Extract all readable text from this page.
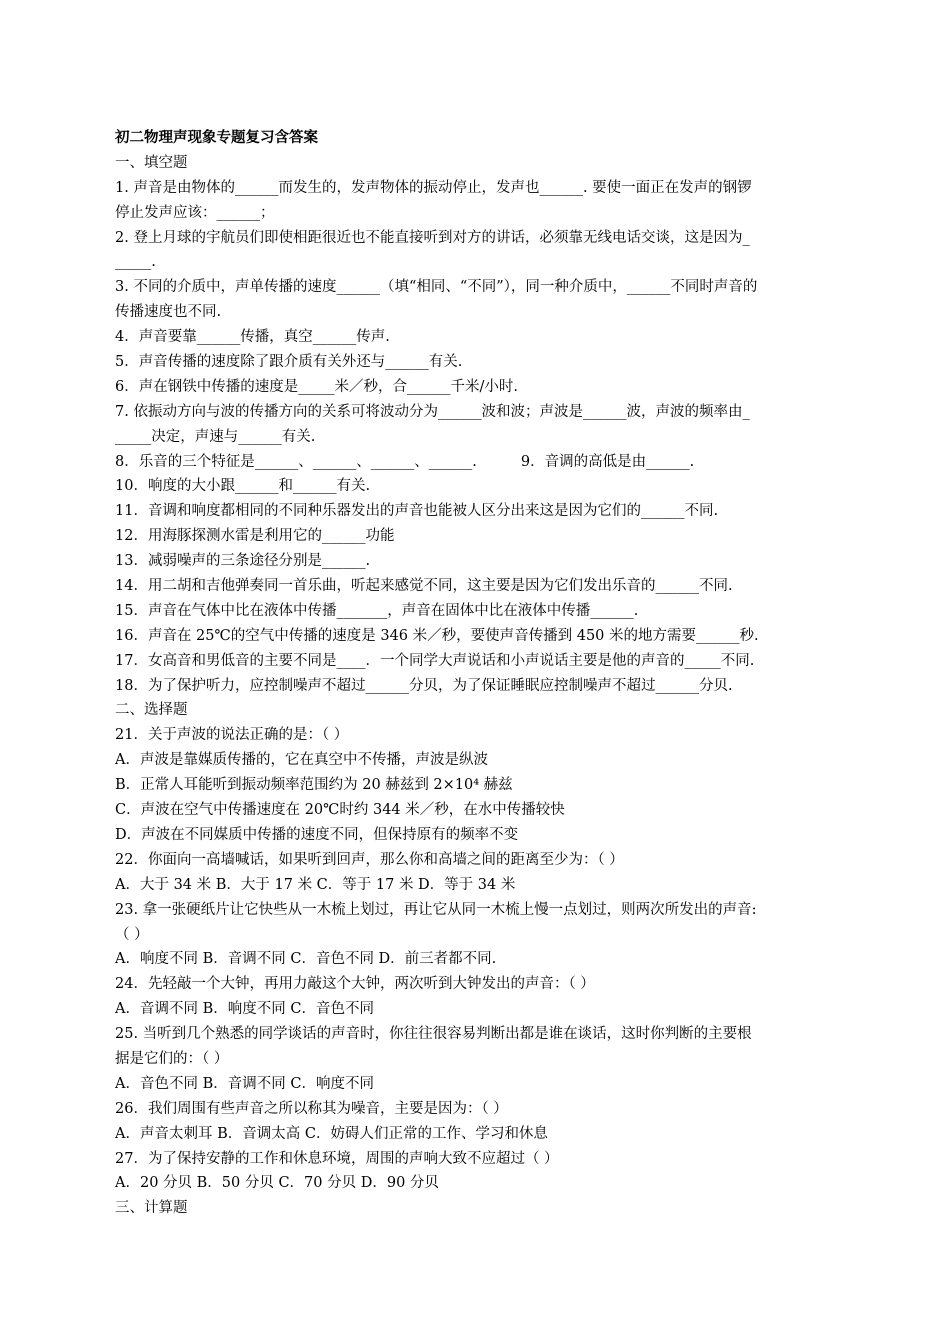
初二物理声现象专题复习含答案
一、填空题
1. 声音是由物体的______而发生的，发声物体的振动停止，发声也______. 要使一面正在发声的钢锣
停止发声应该：______；
2. 登上月球的宇航员们即使相距很近也不能直接听到对方的讲话，必须靠无线电话交谈，这是因为_
_____.
3. 不同的介质中，声单传播的速度______（填“相同、“不同”），同一种介质中，______不同时声音的
传播速度也不同.
4．声音要靠______传播，真空______传声.
5．声音传播的速度除了跟介质有关外还与______有关.
6．声在钢铁中传播的速度是_____米／秒，合______千米/小时.
7. 依振动方向与波的传播方向的关系可将波动分为______波和波；声波是______波，声波的频率由_
_____决定，声速与______有关.
8．乐音的三个特征是______、______、______、______.	9．音调的高低是由______.
10．响度的大小跟______和______有关.
11．音调和响度都相同的不同种乐器发出的声音也能被人区分出来这是因为它们的______不同.
12．用海豚探测水雷是利用它的______功能
13．减弱噪声的三条途径分别是______.
14．用二胡和吉他弹奏同一首乐曲，听起来感觉不同，这主要是因为它们发出乐音的______不同.
15．声音在气体中比在液体中传播_______，声音在固体中比在液体中传播______.
16．声音在 25℃的空气中传播的速度是 346 米／秒，要使声音传播到 450 米的地方需要______秒.
17．女高音和男低音的主要不同是____．一个同学大声说话和小声说话主要是他的声音的_____不同.
18．为了保护听力，应控制噪声不超过______分贝，为了保证睡眠应控制噪声不超过______分贝.
二、选择题
21．关于声波的说法正确的是：（ ）
A．声波是靠媒质传播的，它在真空中不传播，声波是纵波
B．正常人耳能听到振动频率范围约为 20 赫兹到 2×10⁴ 赫兹
C．声波在空气中传播速度在 20℃时约 344 米／秒，在水中传播较快
D．声波在不同媒质中传播的速度不同，但保持原有的频率不变
22．你面向一高墙喊话，如果听到回声，那么你和高墙之间的距离至少为：（ ）
A．大于 34 米 B．大于 17 米 C．等于 17 米 D．等于 34 米
23. 拿一张硬纸片让它快些从一木梳上划过，再让它从同一木梳上慢一点划过，则两次所发出的声音:
（ ）
A．响度不同 B．音调不同 C．音色不同 D．前三者都不同.
24．先轻敲一个大钟，再用力敲这个大钟，两次听到大钟发出的声音：（ ）
A．音调不同 B．响度不同 C．音色不同
25. 当听到几个熟悉的同学谈话的声音时，你往往很容易判断出都是谁在谈话，这时你判断的主要根
据是它们的：（ ）
A．音色不同 B．音调不同 C．响度不同
26．我们周围有些声音之所以称其为噪音，主要是因为：（ ）
A．声音太刺耳 B．音调太高 C．妨碍人们正常的工作、学习和休息
27．为了保持安静的工作和休息环境，周围的声响大致不应超过（ ）
A．20 分贝 B．50 分贝 C．70 分贝 D．90 分贝
三、计算题
